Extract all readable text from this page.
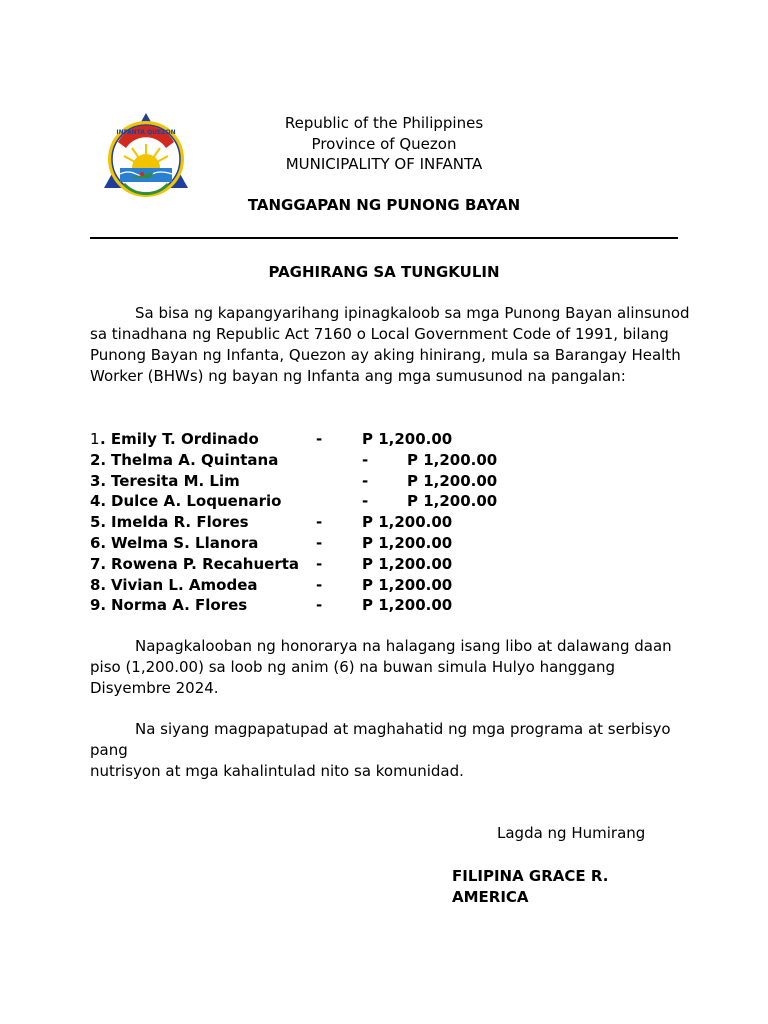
INFANTA QUEZON
Republic of the Philippines
Province of Quezon
MUNICIPALITY OF INFANTA
TANGGAPAN NG PUNONG BAYAN
PAGHIRANG SA TUNGKULIN
Sa bisa ng kapangyarihang ipinagkaloob sa mga Punong Bayan alinsunod sa tinadhana ng Republic Act 7160 o Local Government Code of 1991, bilang Punong Bayan ng Infanta, Quezon ay aking hinirang, mula sa Barangay Health Worker (BHWs) ng bayan ng Infanta ang mga sumusunod na pangalan:
1 . Emily T. Ordinado	-	P 1,200.00
2. Thelma A. Quintana	-	P 1,200.00
3. Teresita M. Lim	-	P 1,200.00
4. Dulce A. Loquenario	-	P 1,200.00
5. Imelda R. Flores	-	P 1,200.00
6. Welma S. Llanora	-	P 1,200.00
7. Rowena P. Recahuerta -	P 1,200.00
8. Vivian L. Amodea	-	P 1,200.00
9. Norma A. Flores	-	P 1,200.00
Napagkalooban ng honorarya na halagang isang libo at dalawang daan piso (1,200.00) sa loob ng anim (6) na buwan simula Hulyo hanggang Disyembre 2024.
Na siyang magpapatupad at maghahatid ng mga programa at serbisyo
pang
nutrisyon at mga kahalintulad nito sa komunidad.
Lagda ng Humirang
FILIPINA GRACE R.
AMERICA
